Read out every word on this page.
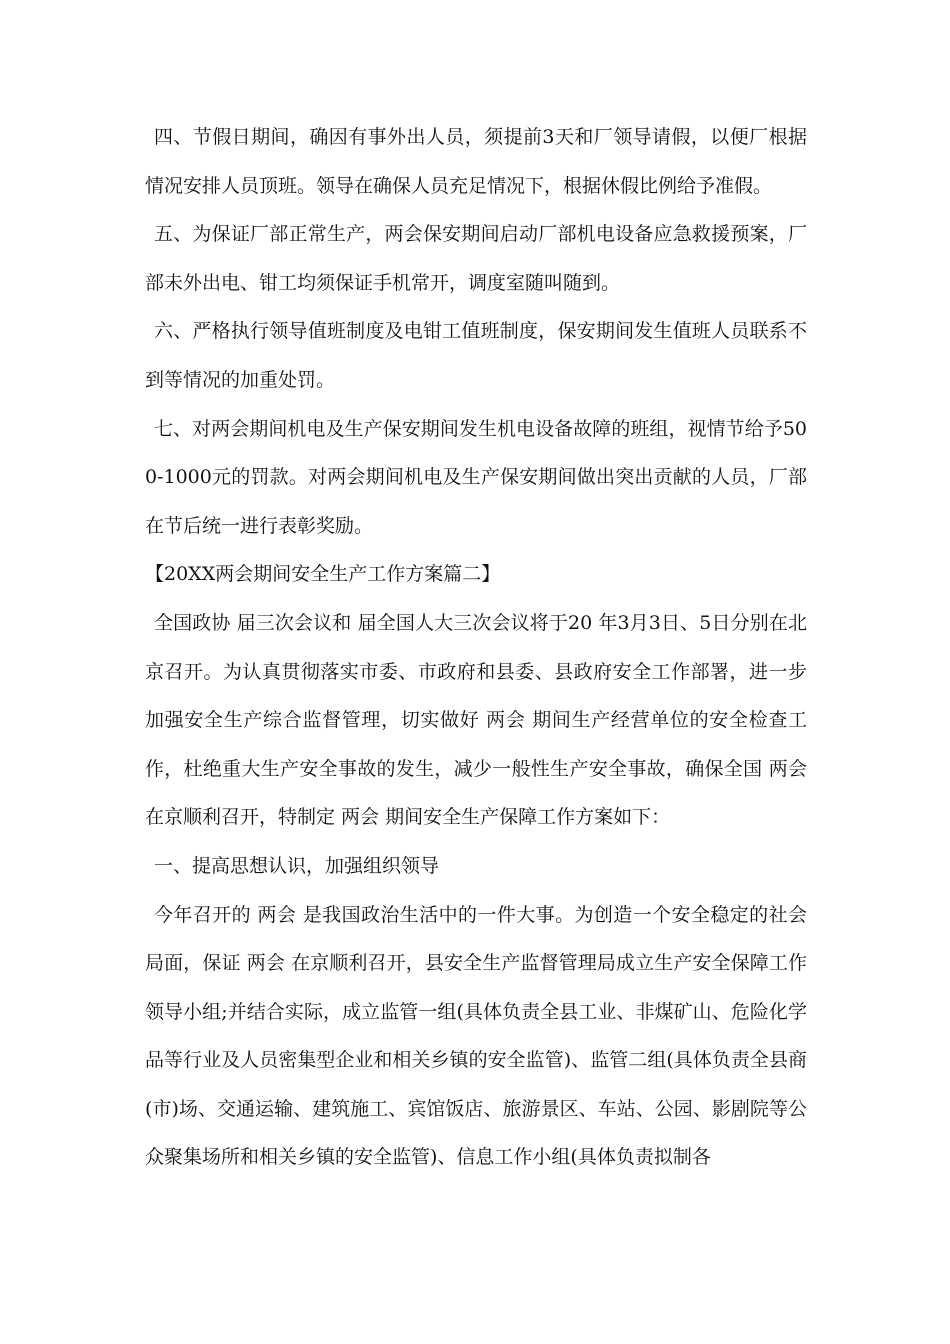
四、节假日期间，确因有事外出人员，须提前3天和厂领导请假，以便厂根据情况安排人员顶班。领导在确保人员充足情况下，根据休假比例给予准假。

五、为保证厂部正常生产，两会保安期间启动厂部机电设备应急救援预案，厂部未外出电、钳工均须保证手机常开，调度室随叫随到。

六、严格执行领导值班制度及电钳工值班制度，保安期间发生值班人员联系不到等情况的加重处罚。

七、对两会期间机电及生产保安期间发生机电设备故障的班组，视情节给予500-1000元的罚款。对两会期间机电及生产保安期间做出突出贡献的人员，厂部在节后统一进行表彰奖励。

【20XX两会期间安全生产工作方案篇二】

全国政协 届三次会议和 届全国人大三次会议将于20 年3月3日、5日分别在北京召开。为认真贯彻落实市委、市政府和县委、县政府安全工作部署，进一步加强安全生产综合监督管理，切实做好 两会 期间生产经营单位的安全检查工作，杜绝重大生产安全事故的发生，减少一般性生产安全事故，确保全国 两会 在京顺利召开，特制定 两会 期间安全生产保障工作方案如下：

一、提高思想认识，加强组织领导

今年召开的 两会 是我国政治生活中的一件大事。为创造一个安全稳定的社会局面，保证 两会 在京顺利召开，县安全生产监督管理局成立生产安全保障工作领导小组;并结合实际，成立监管一组(具体负责全县工业、非煤矿山、危险化学品等行业及人员密集型企业和相关乡镇的安全监管)、监管二组(具体负责全县商(市)场、交通运输、建筑施工、宾馆饭店、旅游景区、车站、公园、影剧院等公众聚集场所和相关乡镇的安全监管)、信息工作小组(具体负责拟制各
